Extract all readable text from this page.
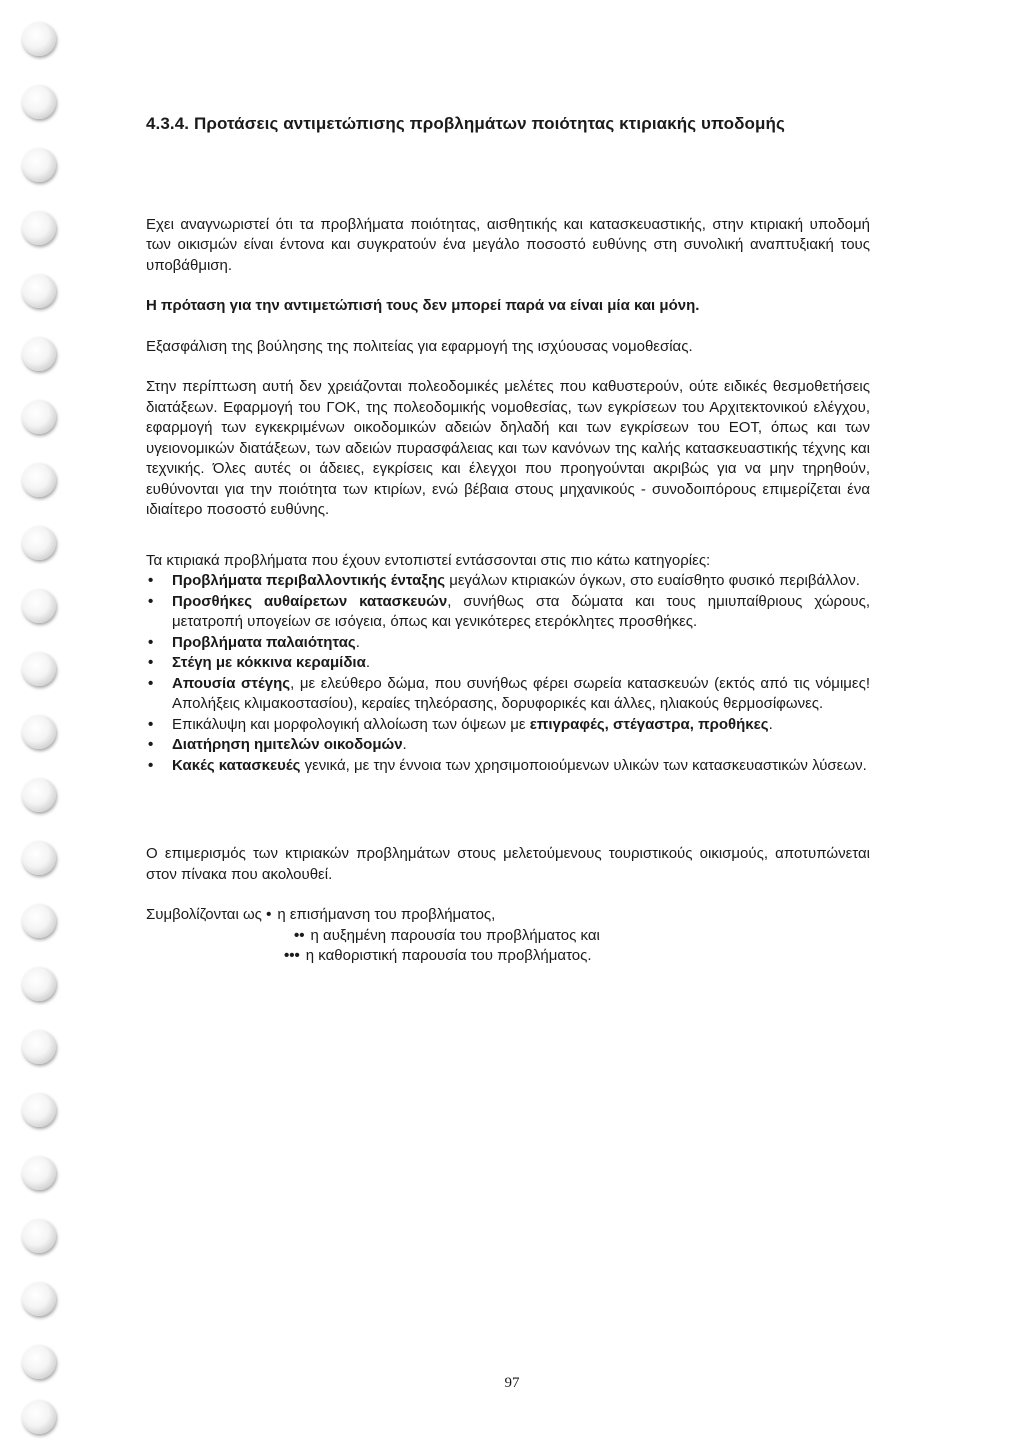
4.3.4. Προτάσεις αντιμετώπισης προβλημάτων ποιότητας κτιριακής υποδομής

Εχει αναγνωριστεί ότι τα προβλήματα ποιότητας, αισθητικής και κατασκευαστικής, στην κτιριακή υποδομή των οικισμών είναι έντονα και συγκρατούν ένα μεγάλο ποσοστό ευθύνης στη συνολική αναπτυξιακή τους υποβάθμιση.

Η πρόταση για την αντιμετώπισή τους δεν μπορεί παρά να είναι μία και μόνη.

Εξασφάλιση της βούλησης της πολιτείας για εφαρμογή της ισχύουσας νομοθεσίας.

Στην περίπτωση αυτή δεν χρειάζονται πολεοδομικές μελέτες που καθυστερούν, ούτε ειδικές θεσμοθετήσεις διατάξεων. Εφαρμογή του ΓΟΚ, της πολεοδομικής νομοθεσίας, των εγκρίσεων του Αρχιτεκτονικού ελέγχου, εφαρμογή των εγκεκριμένων οικοδομικών αδειών δηλαδή και των εγκρίσεων του ΕΟΤ, όπως και των υγειονομικών διατάξεων, των αδειών πυρασφάλειας και των κανόνων της καλής κατασκευαστικής τέχνης και τεχνικής. Όλες αυτές οι άδειες, εγκρίσεις και έλεγχοι που προηγούνται ακριβώς για να μην τηρηθούν, ευθύνονται για την ποιότητα των κτιρίων, ενώ βέβαια στους μηχανικούς - συνοδοιπόρους επιμερίζεται ένα ιδιαίτερο ποσοστό ευθύνης.

Τα κτιριακά προβλήματα που έχουν εντοπιστεί εντάσσονται στις πιο κάτω κατηγορίες:

• Προβλήματα περιβαλλοντικής ένταξης μεγάλων κτιριακών όγκων, στο ευαίσθητο φυσικό περιβάλλον.
• Προσθήκες αυθαίρετων κατασκευών, συνήθως στα δώματα και τους ημιυπαίθριους χώρους, μετατροπή υπογείων σε ισόγεια, όπως και γενικότερες ετερόκλητες προσθήκες.
• Προβλήματα παλαιότητας.
• Στέγη με κόκκινα κεραμίδια.
• Απουσία στέγης, με ελεύθερο δώμα, που συνήθως φέρει σωρεία κατασκευών (εκτός από τις νόμιμες! Απολήξεις κλιμακοστασίου), κεραίες τηλεόρασης, δορυφορικές και άλλες, ηλιακούς θερμοσίφωνες.
• Επικάλυψη και μορφολογική αλλοίωση των όψεων με επιγραφές, στέγαστρα, προθήκες.
• Διατήρηση ημιτελών οικοδομών.
• Κακές κατασκευές γενικά, με την έννοια των χρησιμοποιούμενων υλικών των κατασκευαστικών λύσεων.

Ο επιμερισμός των κτιριακών προβλημάτων στους μελετούμενους τουριστικούς οικισμούς, αποτυπώνεται στον πίνακα που ακολουθεί.

Συμβολίζονται ως • η επισήμανση του προβλήματος,
•• η αυξημένη παρουσία του προβλήματος και
••• η καθοριστική παρουσία του προβλήματος.
97
